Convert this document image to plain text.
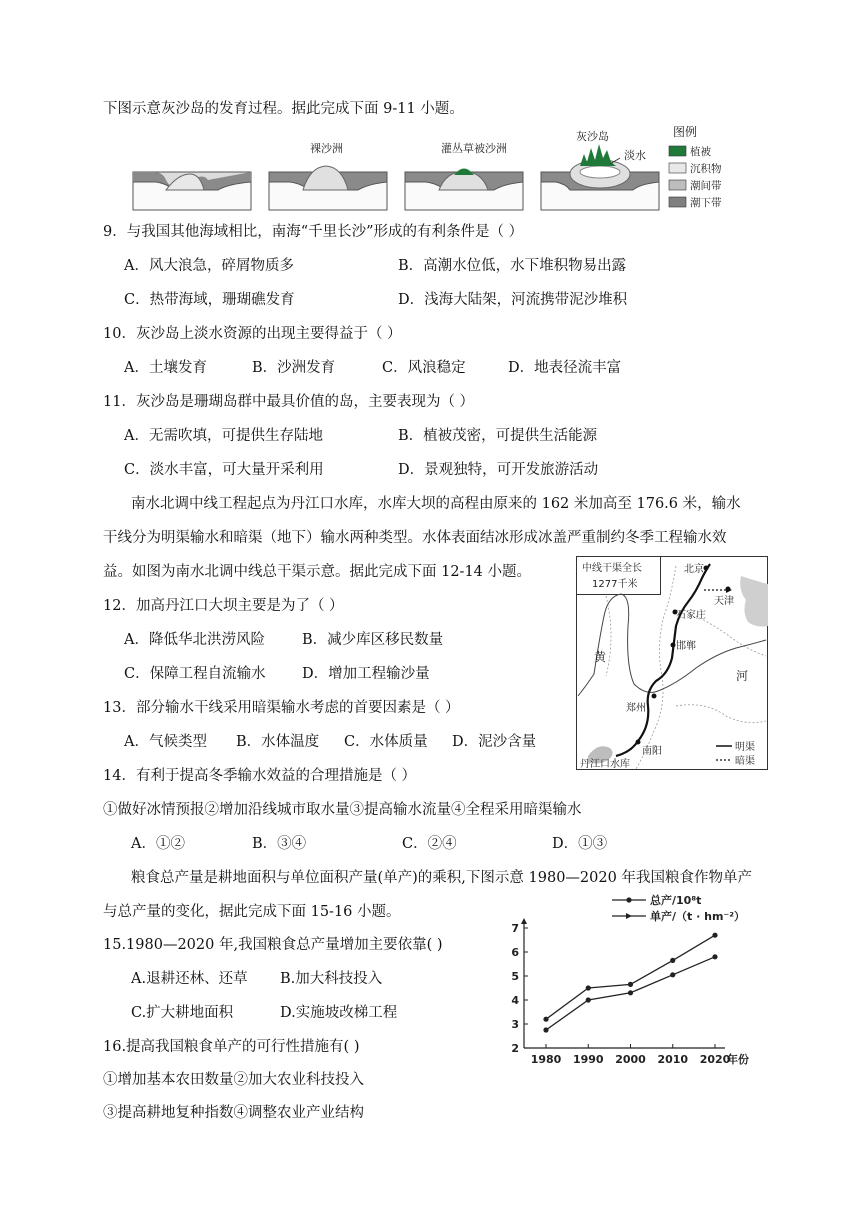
下图示意灰沙岛的发育过程。据此完成下面 9-11 小题。
裸沙洲	灌丛草被沙洲
灰沙岛
淡水
图例
植被
沉积物
潮间带
潮下带
9．与我国其他海域相比，南海“千里长沙”形成的有利条件是（ ）
A．风大浪急，碎屑物质多	B．高潮水位低，水下堆积物易出露
C．热带海域，珊瑚礁发育	D．浅海大陆架，河流携带泥沙堆积
10．灰沙岛上淡水资源的出现主要得益于（ ）
A．土壤发育	B．沙洲发育	C．风浪稳定	D．地表径流丰富
11．灰沙岛是珊瑚岛群中最具价值的岛，主要表现为（ ）
A．无需吹填，可提供生存陆地	B．植被茂密，可提供生活能源
C．淡水丰富，可大量开采利用	D．景观独特，可开发旅游活动
南水北调中线工程起点为丹江口水库，水库大坝的高程由原来的 162 米加高至 176.6 米，输水
干线分为明渠输水和暗渠（地下）输水两种类型。水体表面结冰形成冰盖严重制约冬季工程输水效
益。如图为南水北调中线总干渠示意。据此完成下面 12-14 小题。	中线干渠全长
1277千米
北京
天津
石家庄
邯郸
郑州
南阳
丹江口水库
黄
河
明渠
暗渠
12．加高丹江口大坝主要是为了（ ）
A．降低华北洪涝风险	B．减少库区移民数量
C．保障工程自流输水	D．增加工程输沙量
13．部分输水干线采用暗渠输水考虑的首要因素是（ ）
A．气候类型 B．水体温度 C．水体质量 D．泥沙含量
14．有利于提高冬季输水效益的合理措施是（ ）
①做好冰情预报②增加沿线城市取水量③提高输水流量④全程采用暗渠输水
A．①②	B．③④	C．②④	D．①③
粮食总产量是耕地面积与单位面积产量(单产)的乘积,下图示意 1980—2020 年我国粮食作物单产
与总产量的变化，据此完成下面 15-16 小题。
15.1980—2020 年,我国粮食总产量增加主要依靠( )
A.退耕还林、还草 B.加大科技投入
C.扩大耕地面积	D.实施坡改梯工程
16.提高我国粮食单产的可行性措施有( )
①增加基本农田数量②加大农业科技投入
③提高耕地复种指数④调整农业产业结构
2
3
4
5
6
7
1980 1990 2000 2010 2020
年份
总产/10⁸t
单产/（t · hm⁻²）
